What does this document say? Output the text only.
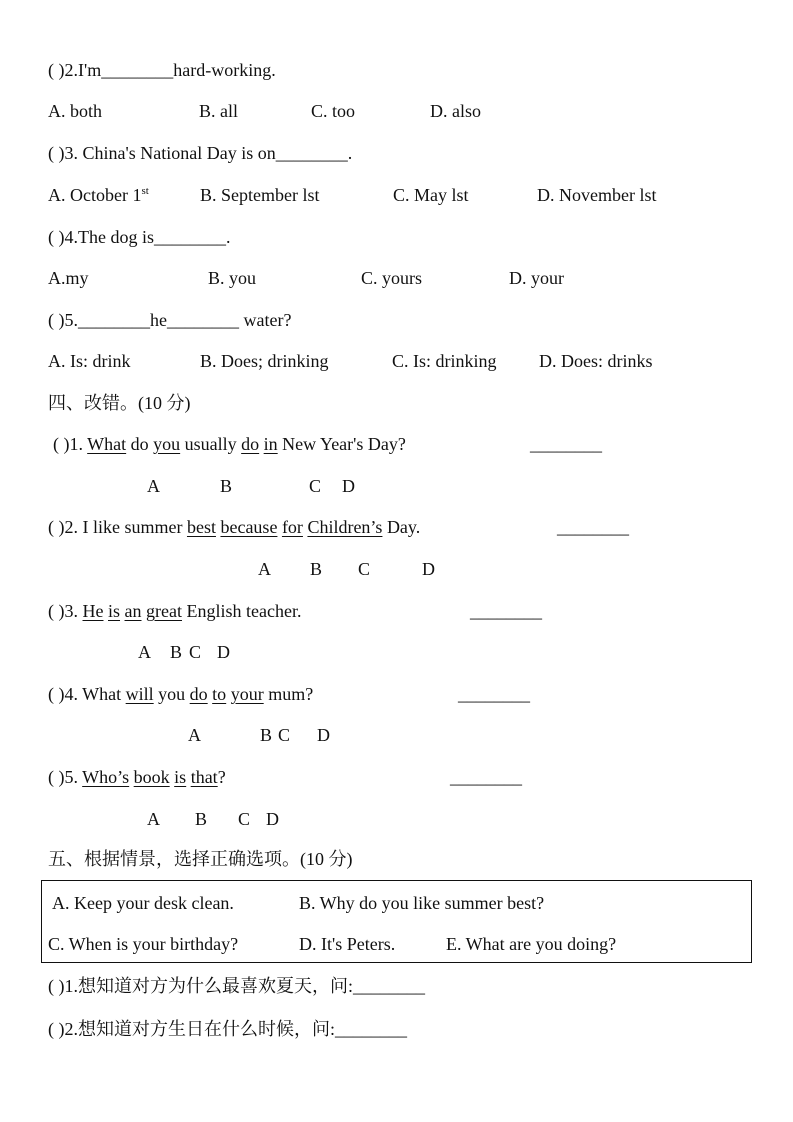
( )2.I'm________hard-working.
A. both	B. all	C. too	D. also
( )3. China's National Day is on________.
A. October 1st	B. September lst	C. May lst	D. November lst
( )4.The dog is________.
A.my	B. you	C. yours	D. your
( )5.________he________ water?
A. Is: drink	B. Does; drinking	C. Is: drinking D. Does: drinks
四、改错。(10 分)
( )1. What do you usually do in New Year's Day?	________
A	B	C D
( )2. I like summer best because for Children’s Day.	________
A B C	D
( )3. He is an great English teacher.	________
A B C D
( )4. What will you do to your mum?	________
A	B C D
( )5. Who’s book is that?	________
A B C D
五、根据情景，选择正确选项。(10 分)
A. Keep your desk clean.	B. Why do you like summer best?
C. When is your birthday?	D. It's Peters.	E. What are you doing?
( )1.想知道对方为什么最喜欢夏天，问:________
( )2.想知道对方生日在什么时候，问:________
